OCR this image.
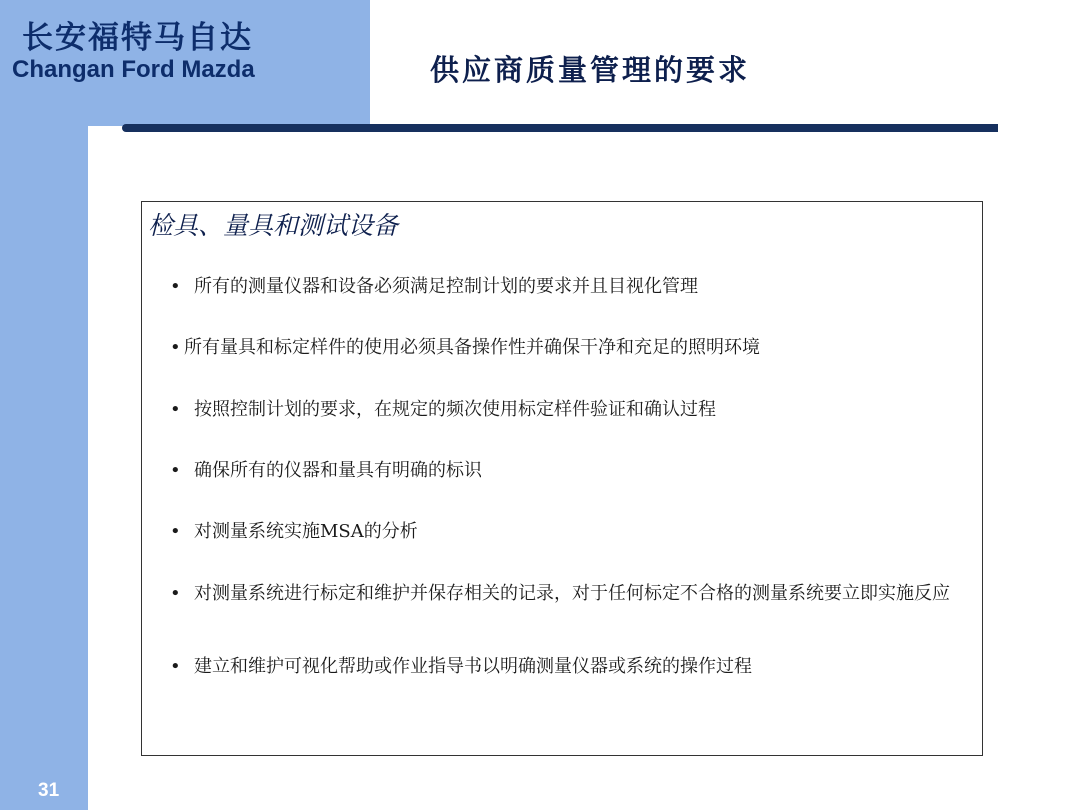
长安福特马自达
Changan Ford Mazda	供应商质量管理的要求
检具、量具和测试设备
• 所有的测量仪器和设备必须满足控制计划的要求并且目视化管理
• 所有量具和标定样件的使用必须具备操作性并确保干净和充足的照明环境
• 按照控制计划的要求，在规定的频次使用标定样件验证和确认过程
• 确保所有的仪器和量具有明确的标识
• 对测量系统实施MSA的分析
• 对测量系统进行标定和维护并保存相关的记录，对于任何标定不合格的测量系统要立即实施反应
• 建立和维护可视化帮助或作业指导书以明确测量仪器或系统的操作过程
31
